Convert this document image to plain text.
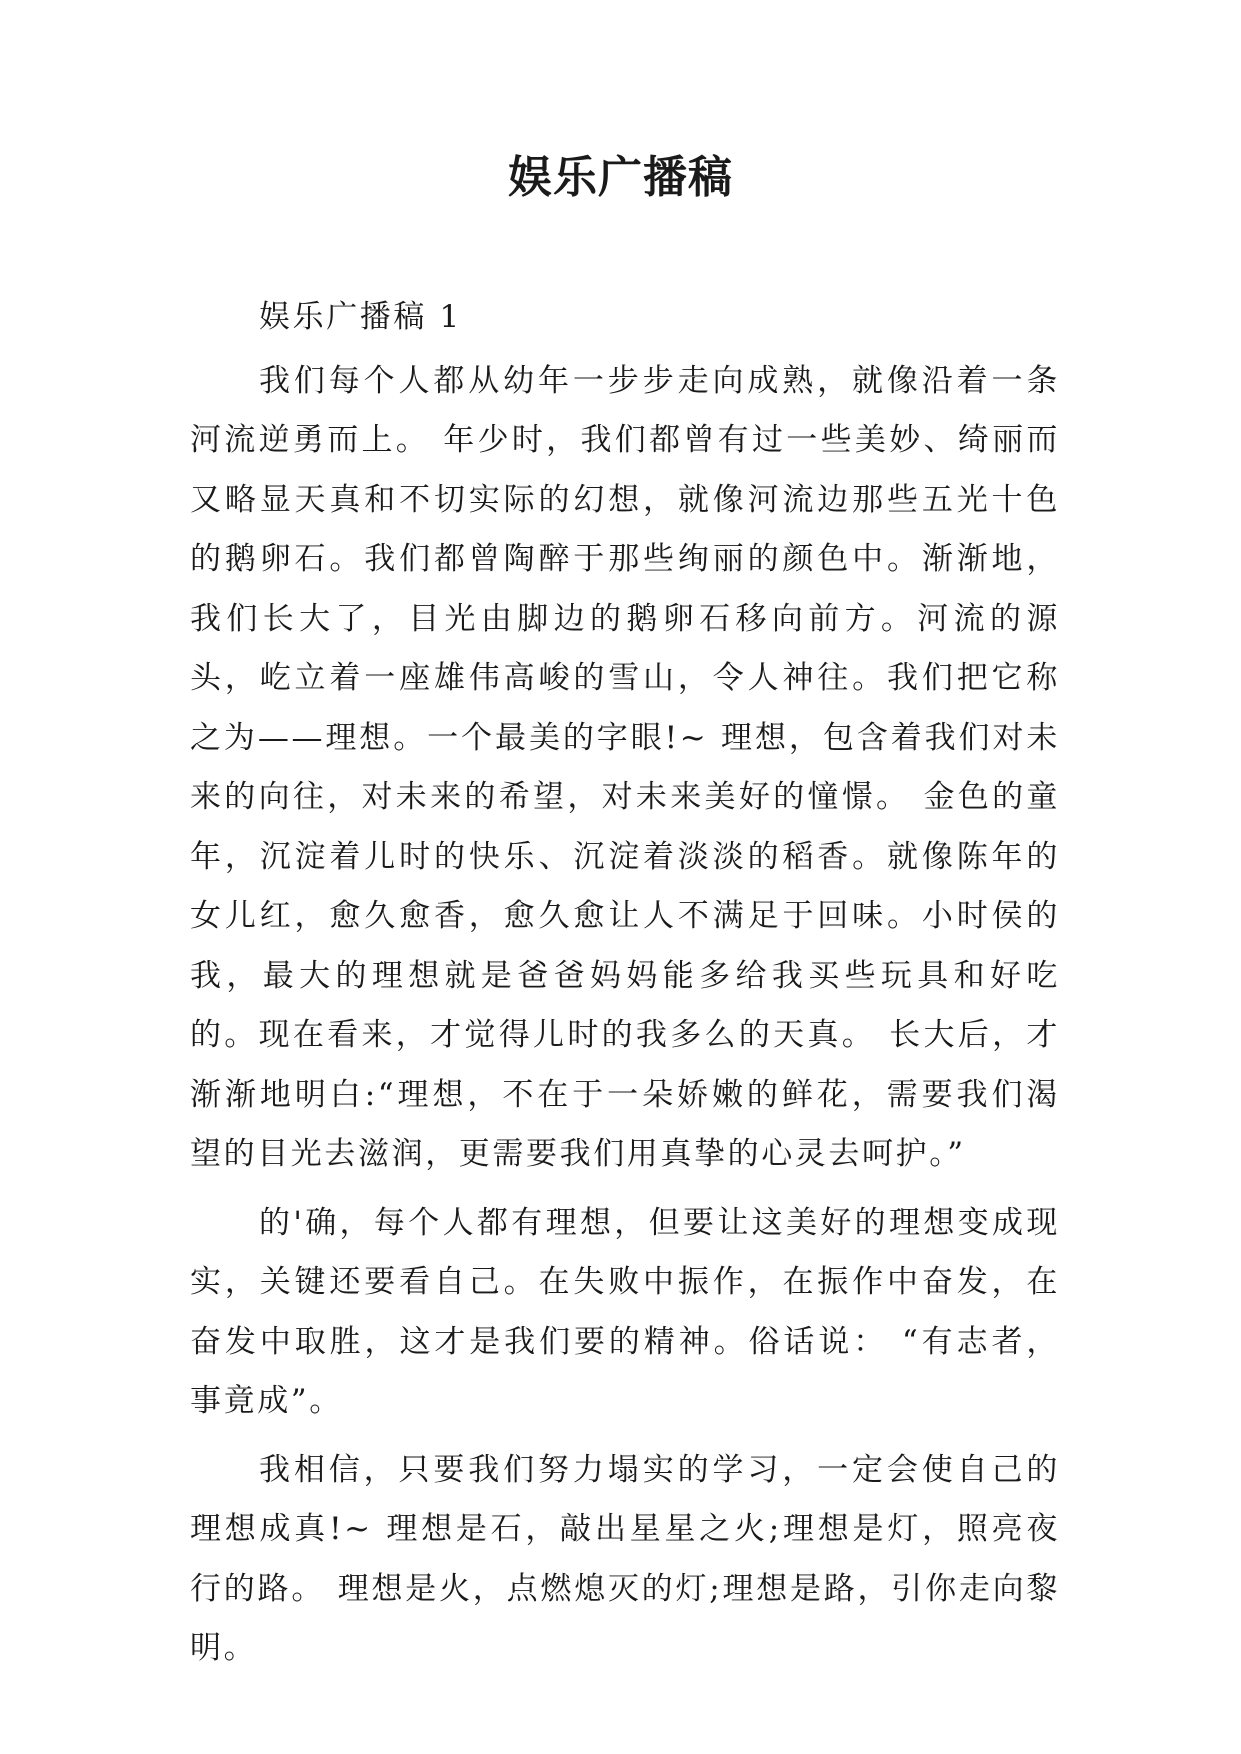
娱乐广播稿

娱乐广播稿 1

我们每个人都从幼年一步步走向成熟，就像沿着一条河流逆勇而上。 年少时，我们都曾有过一些美妙、绮丽而又略显天真和不切实际的幻想，就像河流边那些五光十色的鹅卵石。我们都曾陶醉于那些绚丽的颜色中。渐渐地，我们长大了，目光由脚边的鹅卵石移向前方。河流的源头，屹立着一座雄伟高峻的雪山，令人神往。我们把它称之为——理想。一个最美的字眼!~ 理想，包含着我们对未来的向往，对未来的希望，对未来美好的憧憬。 金色的童年，沉淀着儿时的快乐、沉淀着淡淡的稻香。就像陈年的女儿红，愈久愈香，愈久愈让人不满足于回味。小时侯的我，最大的理想就是爸爸妈妈能多给我买些玩具和好吃的。现在看来，才觉得儿时的我多么的天真。 长大后，才渐渐地明白:“理想，不在于一朵娇嫩的鲜花，需要我们渴望的目光去滋润，更需要我们用真挚的心灵去呵护。”

的'确，每个人都有理想，但要让这美好的理想变成现实，关键还要看自己。在失败中振作，在振作中奋发，在奋发中取胜，这才是我们要的精神。俗话说： “有志者，事竟成”。

我相信，只要我们努力塌实的学习，一定会使自己的理想成真!~ 理想是石，敲出星星之火;理想是灯，照亮夜行的路。 理想是火，点燃熄灭的灯;理想是路，引你走向黎明。
